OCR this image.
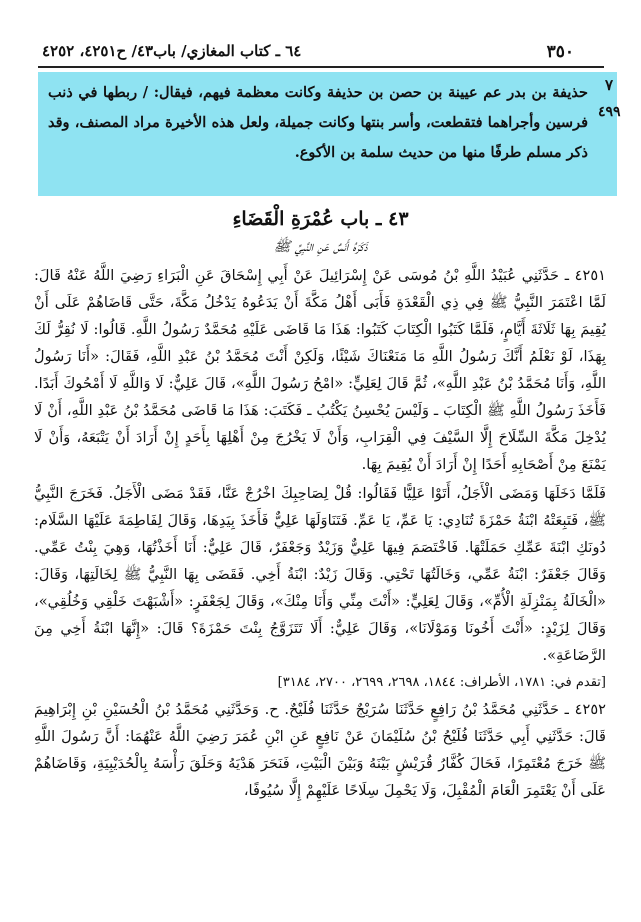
٣٥٠
٦٤ ـ كتاب المغازي/ باب٤٣/ ح٤٢٥١، ٤٢٥٢
٧
حذيفة بن بدر عم عيينة بن حصن بن حذيفة وكانت معظمة فيهم، فيقال: / ربطها في ذنب فرسين وأجراهما فتقطعت، وأسر بنتها وكانت جميلة، ولعل هذه الأخيرة مراد المصنف، وقد ذكر مسلم طرفًا منها من حديث سلمة بن الأكوع.
٤٩٩
٤٣ ـ باب عُمْرَةِ الْقَضَاءِ
ذَكَرَهُ أَنَسٌ عَنِ النَّبِيِّ ﷺ

٤٢٥١ ـ حَدَّثَنِي عُبَيْدُ اللَّهِ بْنُ مُوسَى عَنْ إِسْرَائِيلَ عَنْ أَبِي إِسْحَاقَ عَنِ الْبَرَاءِ رَضِيَ اللَّهُ عَنْهُ قَالَ: لَمَّا اعْتَمَرَ النَّبِيُّ ﷺ فِي ذِي الْقَعْدَةِ فَأَبَى أَهْلُ مَكَّةَ أَنْ يَدَعُوهُ يَدْخُلُ مَكَّةَ، حَتَّى قَاضَاهُمْ عَلَى أَنْ يُقِيمَ بِهَا ثَلَاثَةَ أَيَّامٍ، فَلَمَّا كَتَبُوا الْكِتَابَ كَتَبُوا: هَذَا مَا قَاضَى عَلَيْهِ مُحَمَّدٌ رَسُولُ اللَّهِ. قَالُوا: لَا نُقِرُّ لَكَ بِهَذَا، لَوْ نَعْلَمُ أَنَّكَ رَسُولُ اللَّهِ مَا مَنَعْنَاكَ شَيْئًا، وَلَكِنْ أَنْتَ مُحَمَّدُ بْنُ عَبْدِ اللَّهِ، فَقَالَ: «أَنَا رَسُولُ اللَّهِ، وَأَنَا مُحَمَّدُ بْنُ عَبْدِ اللَّهِ»، ثُمَّ قَالَ لِعَلِيٍّ: «امْحُ رَسُولَ اللَّهِ»، قَالَ عَلِيٌّ: لَا وَاللَّهِ لَا أَمْحُوكَ أَبَدًا. فَأَخَذَ رَسُولُ اللَّهِ ﷺ الْكِتَابَ ـ وَلَيْسَ يُحْسِنُ يَكْتُبُ ـ فَكَتَبَ: هَذَا مَا قَاضَى مُحَمَّدُ بْنُ عَبْدِ اللَّهِ، أَنْ لَا يُدْخِلَ مَكَّةَ السِّلَاحَ إِلَّا السَّيْفَ فِي الْقِرَابِ، وَأَنْ لَا يَخْرُجَ مِنْ أَهْلِهَا بِأَحَدٍ إِنْ أَرَادَ أَنْ يَتْبَعَهُ، وَأَنْ لَا يَمْنَعَ مِنْ أَصْحَابِهِ أَحَدًا إِنْ أَرَادَ أَنْ يُقِيمَ بِهَا.

فَلَمَّا دَخَلَهَا وَمَضَى الْأَجَلُ، أَتَوْا عَلِيًّا فَقَالُوا: قُلْ لِصَاحِبِكَ اخْرُجْ عَنَّا، فَقَدْ مَضَى الْأَجَلُ. فَخَرَجَ النَّبِيُّ ﷺ، فَتَبِعَتْهُ ابْنَةُ حَمْزَةَ تُنَادِي: يَا عَمِّ، يَا عَمِّ. فَتَنَاوَلَهَا عَلِيٌّ فَأَخَذَ بِيَدِهَا، وَقَالَ لِفَاطِمَةَ عَلَيْهَا السَّلَام: دُونَكِ ابْنَةَ عَمِّكِ حَمَلَتْهَا. فَاخْتَصَمَ فِيهَا عَلِيٌّ وَزَيْدٌ وَجَعْفَرٌ، قَالَ عَلِيٌّ: أَنَا أَخَذْتُهَا، وَهِيَ بِنْتُ عَمِّي. وَقَالَ جَعْفَرٌ: ابْنَةُ عَمِّي، وَخَالَتُهَا تَحْتِي. وَقَالَ زَيْدٌ: ابْنَةُ أَخِي. فَقَضَى بِهَا النَّبِيُّ ﷺ لِخَالَتِهَا، وَقَالَ: «الْخَالَةُ بِمَنْزِلَةِ الْأُمِّ»، وَقَالَ لِعَلِيٍّ: «أَنْتَ مِنِّي وَأَنَا مِنْكَ»، وَقَالَ لِجَعْفَرٍ: «أَشْبَهْتَ خَلْقِي وَخُلُقِي»، وَقَالَ لِزَيْدٍ: «أَنْتَ أَخُونَا وَمَوْلَانَا»، وَقَالَ عَلِيٌّ: أَلَا تَتَزَوَّجُ بِنْتَ حَمْزَةَ؟ قَالَ: «إِنَّهَا ابْنَةُ أَخِي مِنَ الرَّضَاعَةِ».

[تقدم في: ١٧٨١، الأطراف: ١٨٤٤، ٢٦٩٨، ٢٦٩٩، ٢٧٠٠، ٣١٨٤]

٤٢٥٢ ـ حَدَّثَنِي مُحَمَّدُ بْنُ رَافِعٍ حَدَّثَنَا سُرَيْجٌ حَدَّثَنَا فُلَيْحٌ. ح. وَحَدَّثَنِي مُحَمَّدُ بْنُ الْحُسَيْنِ بْنِ إِبْرَاهِيمَ قَالَ: حَدَّثَنِي أَبِي حَدَّثَنَا فُلَيْحُ بْنُ سُلَيْمَانَ عَنْ نَافِعٍ عَنِ ابْنِ عُمَرَ رَضِيَ اللَّهُ عَنْهُمَا: أَنَّ رَسُولَ اللَّهِ ﷺ خَرَجَ مُعْتَمِرًا، فَحَالَ كُفَّارُ قُرَيْشٍ بَيْنَهُ وَبَيْنَ الْبَيْتِ، فَنَحَرَ هَدْيَهُ وَحَلَقَ رَأْسَهُ بِالْحُدَيْبِيَةِ، وَقَاضَاهُمْ عَلَى أَنْ يَعْتَمِرَ الْعَامَ الْمُقْبِلَ، وَلَا يَحْمِلَ سِلَاحًا عَلَيْهِمْ إِلَّا سُيُوفًا،
